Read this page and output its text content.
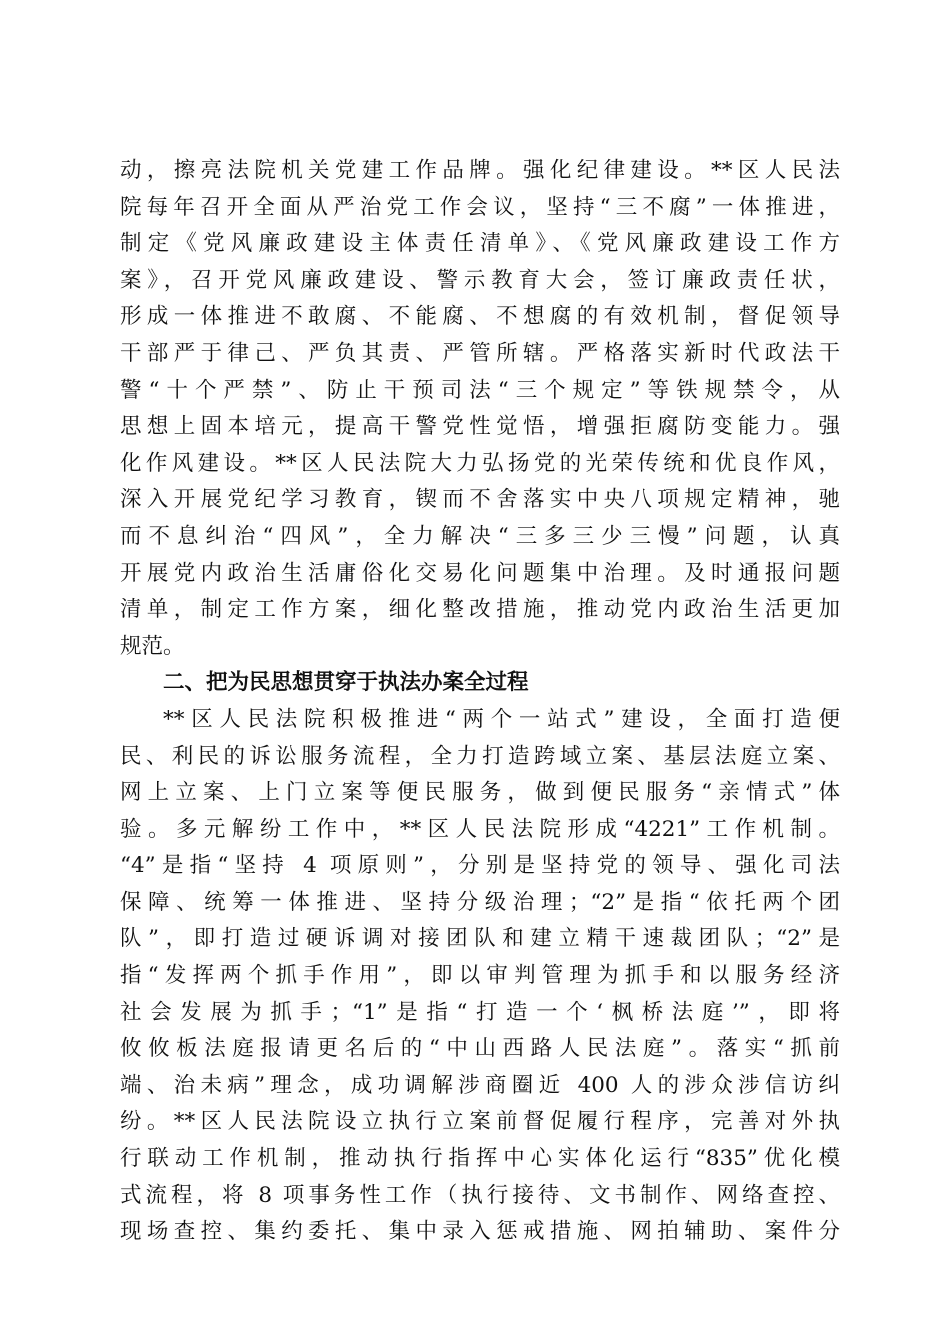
动，擦亮法院机关党建工作品牌。强化纪律建设。**区人民法
院每年召开全面从严治党工作会议，坚持“三不腐”一体推进，
制定《党风廉政建设主体责任清单》、《党风廉政建设工作方
案》，召开党风廉政建设、警示教育大会，签订廉政责任状，
形成一体推进不敢腐、不能腐、不想腐的有效机制，督促领导
干部严于律己、严负其责、严管所辖。严格落实新时代政法干
警“十个严禁”、防止干预司法“三个规定”等铁规禁令，从
思想上固本培元，提高干警党性觉悟，增强拒腐防变能力。强
化作风建设。**区人民法院大力弘扬党的光荣传统和优良作风，
深入开展党纪学习教育，锲而不舍落实中央八项规定精神，驰
而不息纠治“四风”，全力解决“三多三少三慢”问题，认真
开展党内政治生活庸俗化交易化问题集中治理。及时通报问题
清单，制定工作方案，细化整改措施，推动党内政治生活更加
规范。
二、把为民思想贯穿于执法办案全过程
**区人民法院积极推进“两个一站式”建设，全面打造便
民、利民的诉讼服务流程，全力打造跨域立案、基层法庭立案、
网上立案、上门立案等便民服务，做到便民服务“亲情式”体
验。多元解纷工作中，**区人民法院形成“4221”工作机制。
“4”是指“坚持 4 项原则”，分别是坚持党的领导、强化司法
保障、统筹一体推进、坚持分级治理；“2”是指“依托两个团
队”，即打造过硬诉调对接团队和建立精干速裁团队；“2”是
指“发挥两个抓手作用”，即以审判管理为抓手和以服务经济
社会发展为抓手；“1”是指“打造一个‘枫桥法庭’”，即将
攸攸板法庭报请更名后的“中山西路人民法庭”。落实“抓前
端、治未病”理念，成功调解涉商圈近 400 人的涉众涉信访纠
纷。**区人民法院设立执行立案前督促履行程序，完善对外执
行联动工作机制，推动执行指挥中心实体化运行“835”优化模
式流程，将 8 项事务性工作（执行接待、文书制作、网络查控、
现场查控、集约委托、集中录入惩戒措施、网拍辅助、案件分
